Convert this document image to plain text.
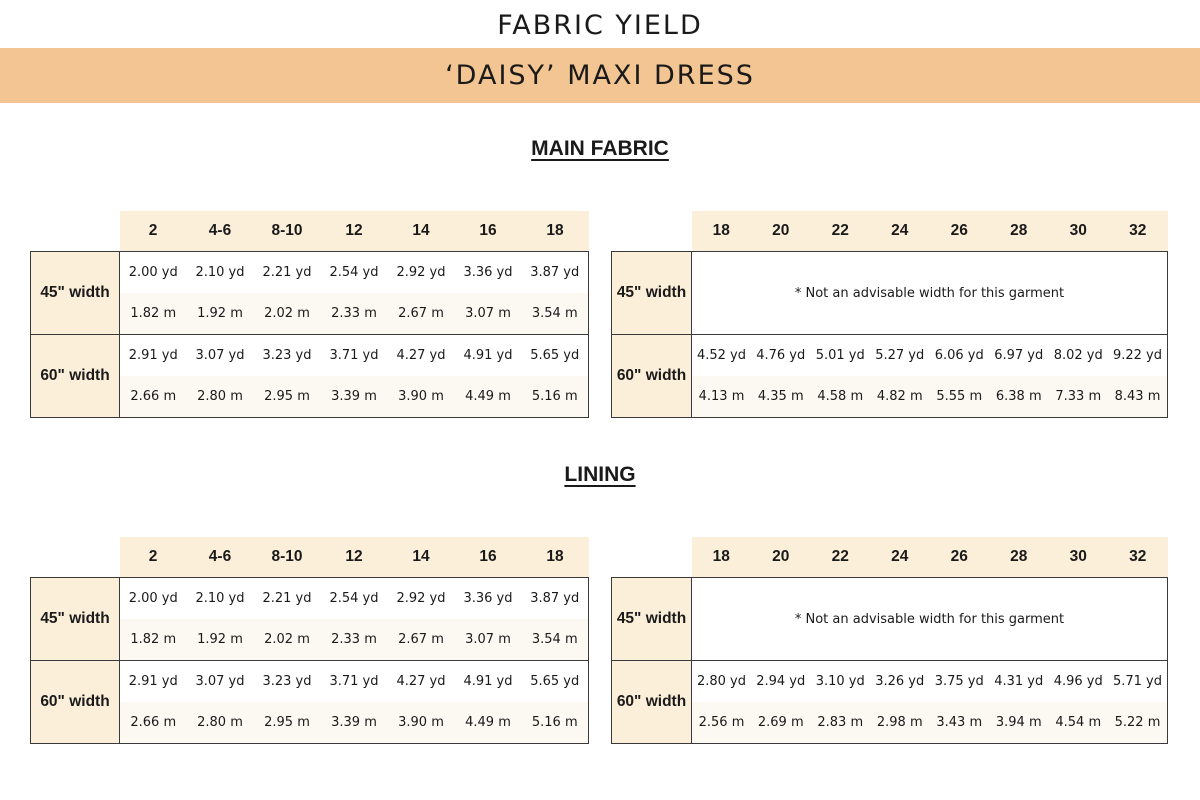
FABRIC YIELD
‘DAISY’ MAXI DRESS
MAIN FABRIC
LINING
	2	4-6	8-10	12	14	16	18
45" width	2.00 yd	2.10 yd	2.21 yd	2.54 yd	2.92 yd	3.36 yd	3.87 yd
	1.82 m	1.92 m	2.02 m	2.33 m	2.67 m	3.07 m	3.54 m
60" width	2.91 yd	3.07 yd	3.23 yd	3.71 yd	4.27 yd	4.91 yd	5.65 yd
	2.66 m	2.80 m	2.95 m	3.39 m	3.90 m	4.49 m	5.16 m
	18	20	22	24	26	28	30	32
45" width	* Not an advisable width for this garment							

60" width	4.52 yd	4.76 yd	5.01 yd	5.27 yd	6.06 yd	6.97 yd	8.02 yd	9.22 yd
	4.13 m	4.35 m	4.58 m	4.82 m	5.55 m	6.38 m	7.33 m	8.43 m
	2	4-6	8-10	12	14	16	18
45" width	2.00 yd	2.10 yd	2.21 yd	2.54 yd	2.92 yd	3.36 yd	3.87 yd
	1.82 m	1.92 m	2.02 m	2.33 m	2.67 m	3.07 m	3.54 m
60" width	2.91 yd	3.07 yd	3.23 yd	3.71 yd	4.27 yd	4.91 yd	5.65 yd
	2.66 m	2.80 m	2.95 m	3.39 m	3.90 m	4.49 m	5.16 m
	18	20	22	24	26	28	30	32
45" width	* Not an advisable width for this garment							

60" width	2.80 yd	2.94 yd	3.10 yd	3.26 yd	3.75 yd	4.31 yd	4.96 yd	5.71 yd
	2.56 m	2.69 m	2.83 m	2.98 m	3.43 m	3.94 m	4.54 m	5.22 m
